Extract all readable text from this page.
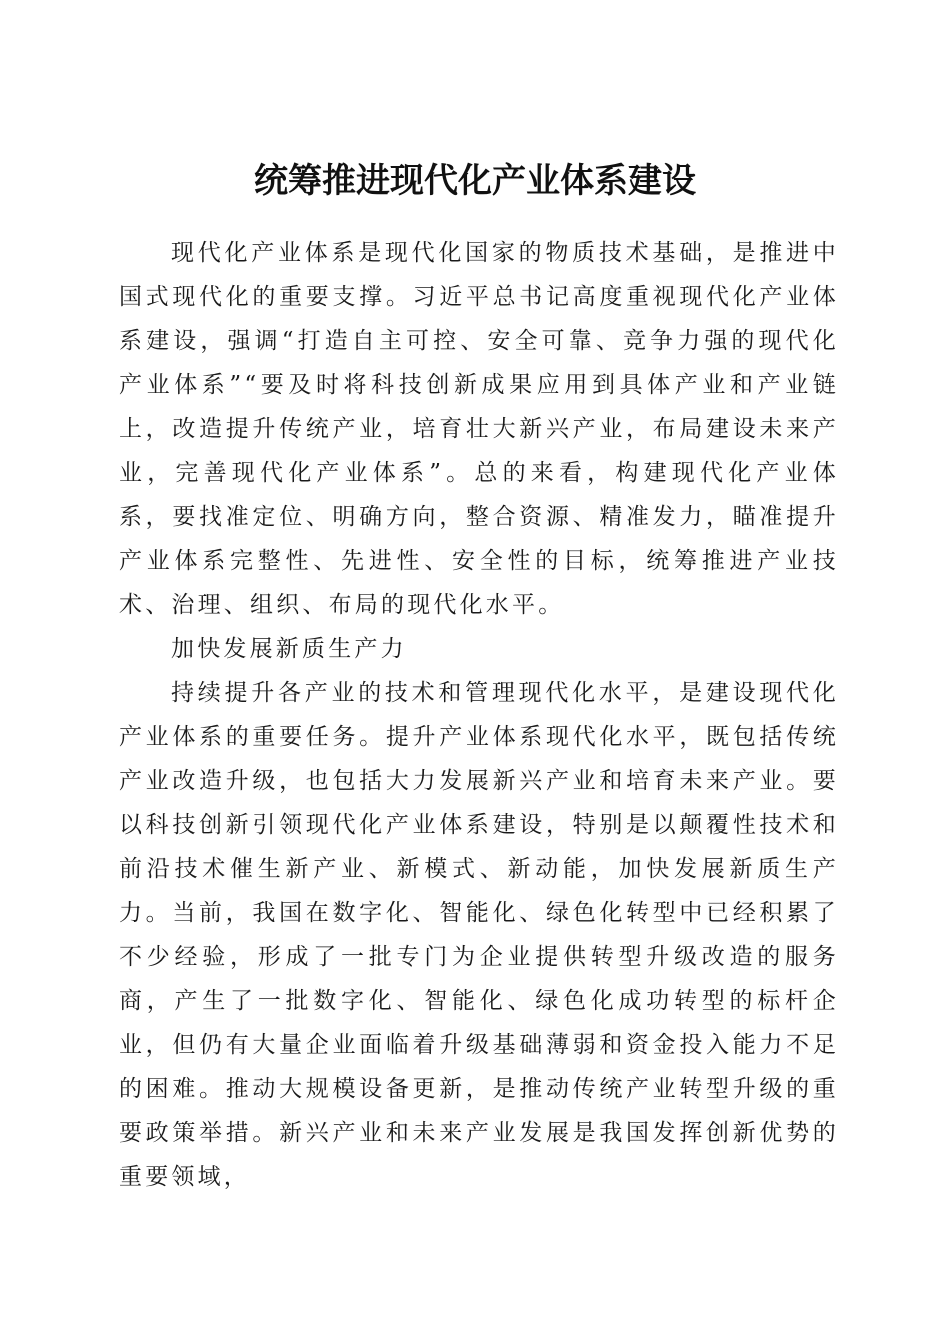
统筹推进现代化产业体系建设

现代化产业体系是现代化国家的物质技术基础，是推进中国式现代化的重要支撑。习近平总书记高度重视现代化产业体系建设，强调“打造自主可控、安全可靠、竞争力强的现代化产业体系”“要及时将科技创新成果应用到具体产业和产业链上，改造提升传统产业，培育壮大新兴产业，布局建设未来产业，完善现代化产业体系”。总的来看，构建现代化产业体系，要找准定位、明确方向，整合资源、精准发力，瞄准提升产业体系完整性、先进性、安全性的目标，统筹推进产业技术、治理、组织、布局的现代化水平。

加快发展新质生产力

持续提升各产业的技术和管理现代化水平，是建设现代化产业体系的重要任务。提升产业体系现代化水平，既包括传统产业改造升级，也包括大力发展新兴产业和培育未来产业。要以科技创新引领现代化产业体系建设，特别是以颠覆性技术和前沿技术催生新产业、新模式、新动能，加快发展新质生产力。当前，我国在数字化、智能化、绿色化转型中已经积累了不少经验，形成了一批专门为企业提供转型升级改造的服务商，产生了一批数字化、智能化、绿色化成功转型的标杆企业，但仍有大量企业面临着升级基础薄弱和资金投入能力不足的困难。推动大规模设备更新，是推动传统产业转型升级的重要政策举措。新兴产业和未来产业发展是我国发挥创新优势的重要领域，
